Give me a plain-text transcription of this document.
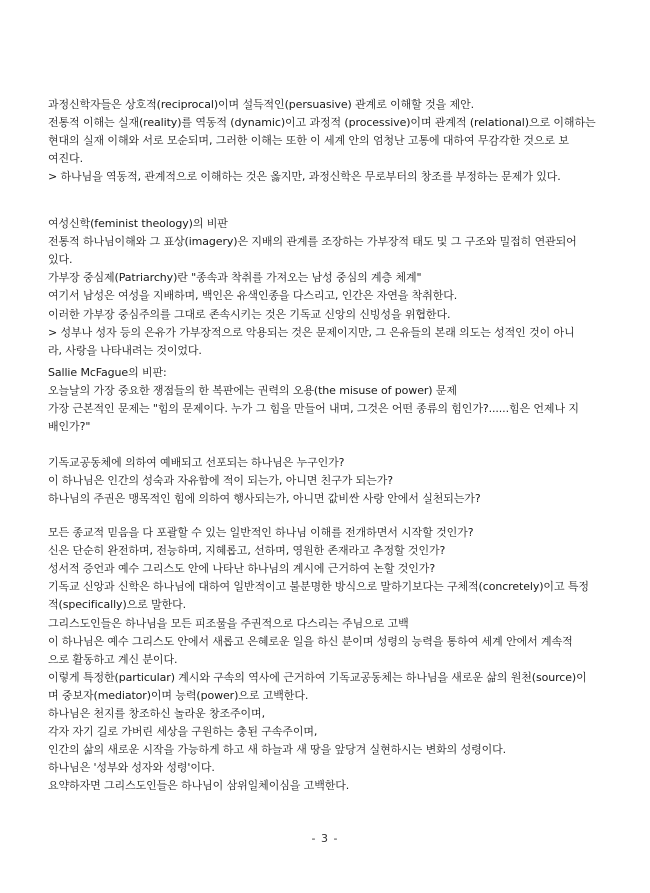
과정신학자들은 상호적(reciprocal)이며 설득적인(persuasive) 관계로 이해할 것을 제안.
전통적 이해는 실재(reality)를 역동적 (dynamic)이고 과정적 (processive)이며 관계적 (relational)으로 이해하는
현대의 실재 이해와 서로 모순되며, 그러한 이해는 또한 이 세계 안의 엄청난 고통에 대하여 무감각한 것으로 보
여진다.
> 하나님을 역동적, 관계적으로 이해하는 것은 옳지만, 과정신학은 무로부터의 창조를 부정하는 문제가 있다.
여성신학(feminist theology)의 비판
전통적 하나님이해와 그 표상(imagery)은 지배의 관계를 조장하는 가부장적 태도 및 그 구조와 밀접히 연관되어
있다.
가부장 중심제(Patriarchy)란 "종속과 착취를 가져오는 남성 중심의 계층 체계"
여기서 남성은 여성을 지배하며, 백인은 유색인종을 다스리고, 인간은 자연을 착취한다.
이러한 가부장 중심주의를 그대로 존속시키는 것은 기독교 신앙의 신빙성을 위협한다.
> 성부나 성자 등의 은유가 가부장적으로 악용되는 것은 문제이지만, 그 은유들의 본래 의도는 성적인 것이 아니
라, 사랑을 나타내려는 것이었다.
Sallie McFague의 비판:
오늘날의 가장 중요한 쟁점들의 한 복판에는 권력의 오용(the misuse of power) 문제
가장 근본적인 문제는 "힘의 문제이다. 누가 그 힘을 만들어 내며, 그것은 어떤 종류의 힘인가?......힘은 언제나 지
배인가?"
기독교공동체에 의하여 예배되고 선포되는 하나님은 누구인가?
이 하나님은 인간의 성숙과 자유함에 적이 되는가, 아니면 친구가 되는가?
하나님의 주권은 맹목적인 힘에 의하여 행사되는가, 아니면 값비싼 사랑 안에서 실천되는가?
모든 종교적 믿음을 다 포괄할 수 있는 일반적인 하나님 이해를 전개하면서 시작할 것인가?
신은 단순히 완전하며, 전능하며, 지혜롭고, 선하며, 영원한 존재라고 추정할 것인가?
성서적 증언과 예수 그리스도 안에 나타난 하나님의 계시에 근거하여 논할 것인가?
기독교 신앙과 신학은 하나님에 대하여 일반적이고 불분명한 방식으로 말하기보다는 구체적(concretely)이고 특정
적(specifically)으로 말한다.
그리스도인들은 하나님을 모든 피조물을 주권적으로 다스리는 주님으로 고백
이 하나님은 예수 그리스도 안에서 새롭고 은혜로운 일을 하신 분이며 성령의 능력을 통하여 세계 안에서 계속적
으로 활동하고 계신 분이다.
이렇게 특정한(particular) 계시와 구속의 역사에 근거하여 기독교공동체는 하나님을 새로운 삶의 원천(source)이
며 중보자(mediator)이며 능력(power)으로 고백한다.
하나님은 천지를 창조하신 놀라운 창조주이며,
각자 자기 길로 가버린 세상을 구원하는 충된 구속주이며,
인간의 삶의 새로운 시작을 가능하게 하고 새 하늘과 새 땅을 앞당겨 실현하시는 변화의 성령이다.
하나님은 '성부와 성자와 성령'이다.
요약하자면 그리스도인들은 하나님이 삼위일체이심을 고백한다.
- 3 -
